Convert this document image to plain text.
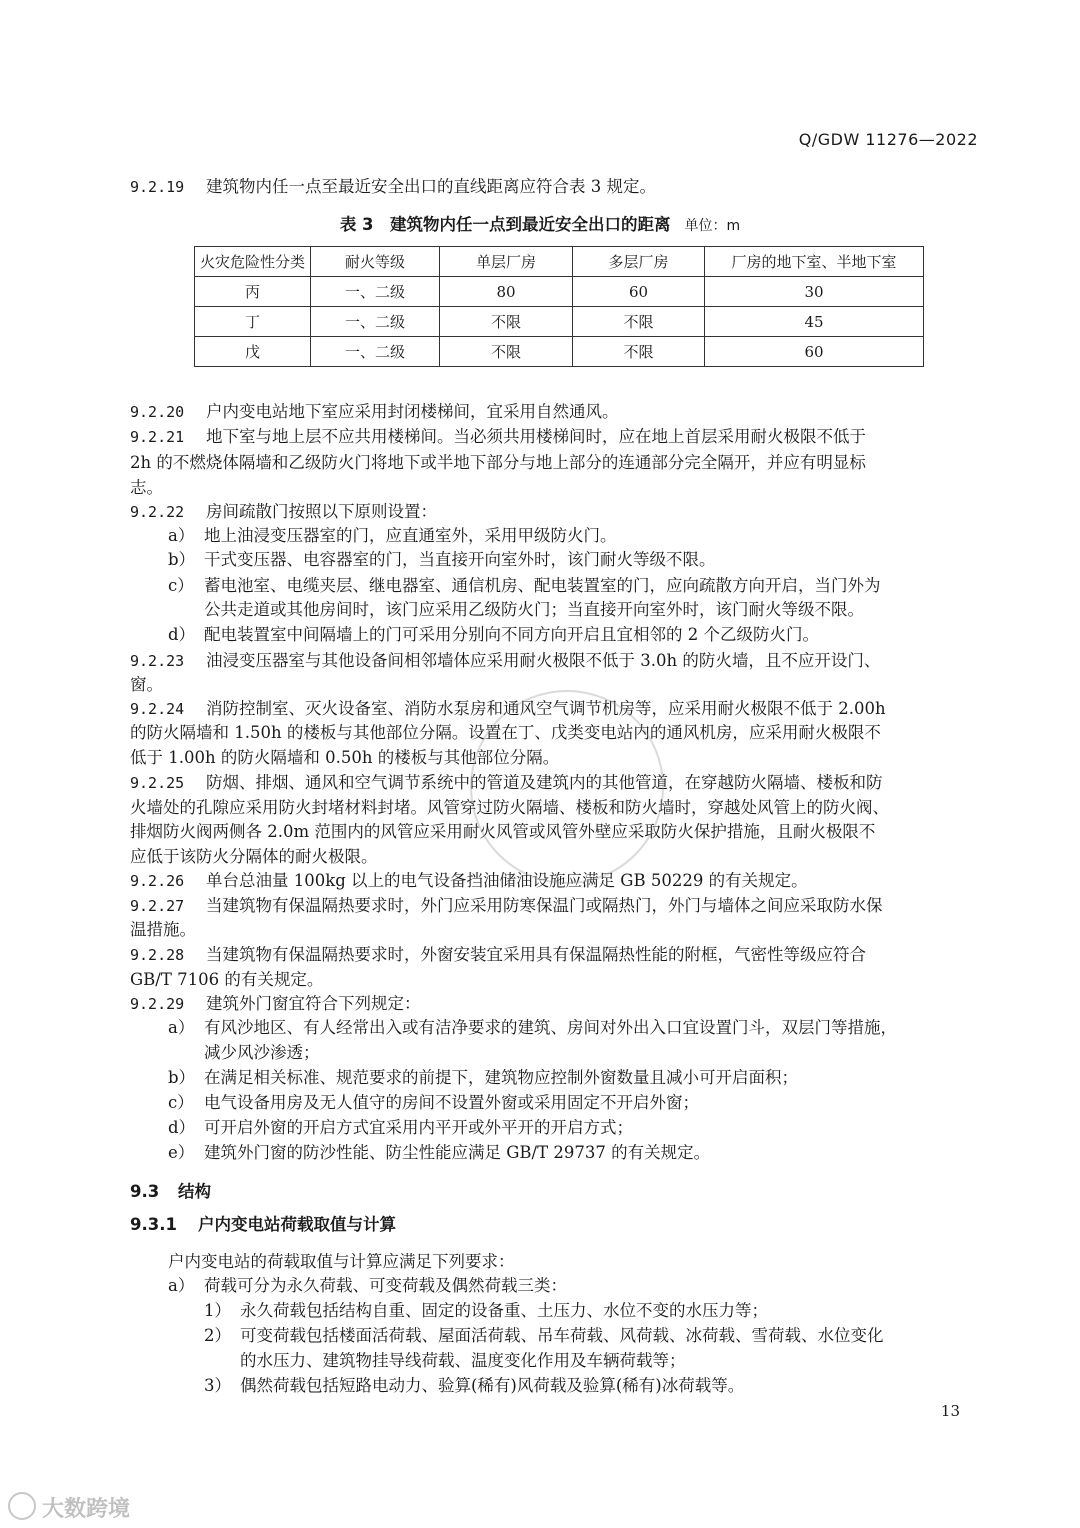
Q/GDW 11276—2022
9.2.19 建筑物内任一点至最近安全出口的直线距离应符合表 3 规定。
表 3　建筑物内任一点到最近安全出口的距离 单位：m
火灾危险性分类	耐火等级	单层厂房	多层厂房	厂房的地下室、半地下室
丙	一、二级	80	60	30
丁	一、二级	不限	不限	45
戊	一、二级	不限	不限	60
9.2.20 户内变电站地下室应采用封闭楼梯间，宜采用自然通风。
9.2.21 地下室与地上层不应共用楼梯间。当必须共用楼梯间时，应在地上首层采用耐火极限不低于
2h 的不燃烧体隔墙和乙级防火门将地下或半地下部分与地上部分的连通部分完全隔开，并应有明显标
志。
9.2.22 房间疏散门按照以下原则设置：
a） 地上油浸变压器室的门，应直通室外，采用甲级防火门。
b） 干式变压器、电容器室的门，当直接开向室外时，该门耐火等级不限。
c） 蓄电池室、电缆夹层、继电器室、通信机房、配电装置室的门，应向疏散方向开启，当门外为
公共走道或其他房间时，该门应采用乙级防火门；当直接开向室外时，该门耐火等级不限。
d） 配电装置室中间隔墙上的门可采用分别向不同方向开启且宜相邻的 2 个乙级防火门。
9.2.23 油浸变压器室与其他设备间相邻墙体应采用耐火极限不低于 3.0h 的防火墙，且不应开设门、
窗。
9.2.24 消防控制室、灭火设备室、消防水泵房和通风空气调节机房等，应采用耐火极限不低于 2.00h
的防火隔墙和 1.50h 的楼板与其他部位分隔。设置在丁、戊类变电站内的通风机房，应采用耐火极限不
低于 1.00h 的防火隔墙和 0.50h 的楼板与其他部位分隔。
9.2.25 防烟、排烟、通风和空气调节系统中的管道及建筑内的其他管道，在穿越防火隔墙、楼板和防
火墙处的孔隙应采用防火封堵材料封堵。风管穿过防火隔墙、楼板和防火墙时，穿越处风管上的防火阀、
排烟防火阀两侧各 2.0m 范围内的风管应采用耐火风管或风管外壁应采取防火保护措施，且耐火极限不
应低于该防火分隔体的耐火极限。
9.2.26 单台总油量 100kg 以上的电气设备挡油储油设施应满足 GB 50229 的有关规定。
9.2.27 当建筑物有保温隔热要求时，外门应采用防寒保温门或隔热门，外门与墙体之间应采取防水保
温措施。
9.2.28 当建筑物有保温隔热要求时，外窗安装宜采用具有保温隔热性能的附框，气密性等级应符合
GB/T 7106 的有关规定。
9.2.29 建筑外门窗宜符合下列规定：
a） 有风沙地区、有人经常出入或有洁净要求的建筑、房间对外出入口宜设置门斗，双层门等措施，
减少风沙渗透；
b） 在满足相关标准、规范要求的前提下，建筑物应控制外窗数量且减小可开启面积；
c） 电气设备用房及无人值守的房间不设置外窗或采用固定不开启外窗；
d） 可开启外窗的开启方式宜采用内平开或外平开的开启方式；
e） 建筑外门窗的防沙性能、防尘性能应满足 GB/T 29737 的有关规定。
9.3 结构
9.3.1 户内变电站荷载取值与计算
户内变电站的荷载取值与计算应满足下列要求：
a） 荷载可分为永久荷载、可变荷载及偶然荷载三类：
1） 永久荷载包括结构自重、固定的设备重、土压力、水位不变的水压力等；
2） 可变荷载包括楼面活荷载、屋面活荷载、吊车荷载、风荷载、冰荷载、雪荷载、水位变化
的水压力、建筑物挂导线荷载、温度变化作用及车辆荷载等；
3） 偶然荷载包括短路电动力、验算(稀有)风荷载及验算(稀有)冰荷载等。
13
大数跨境
